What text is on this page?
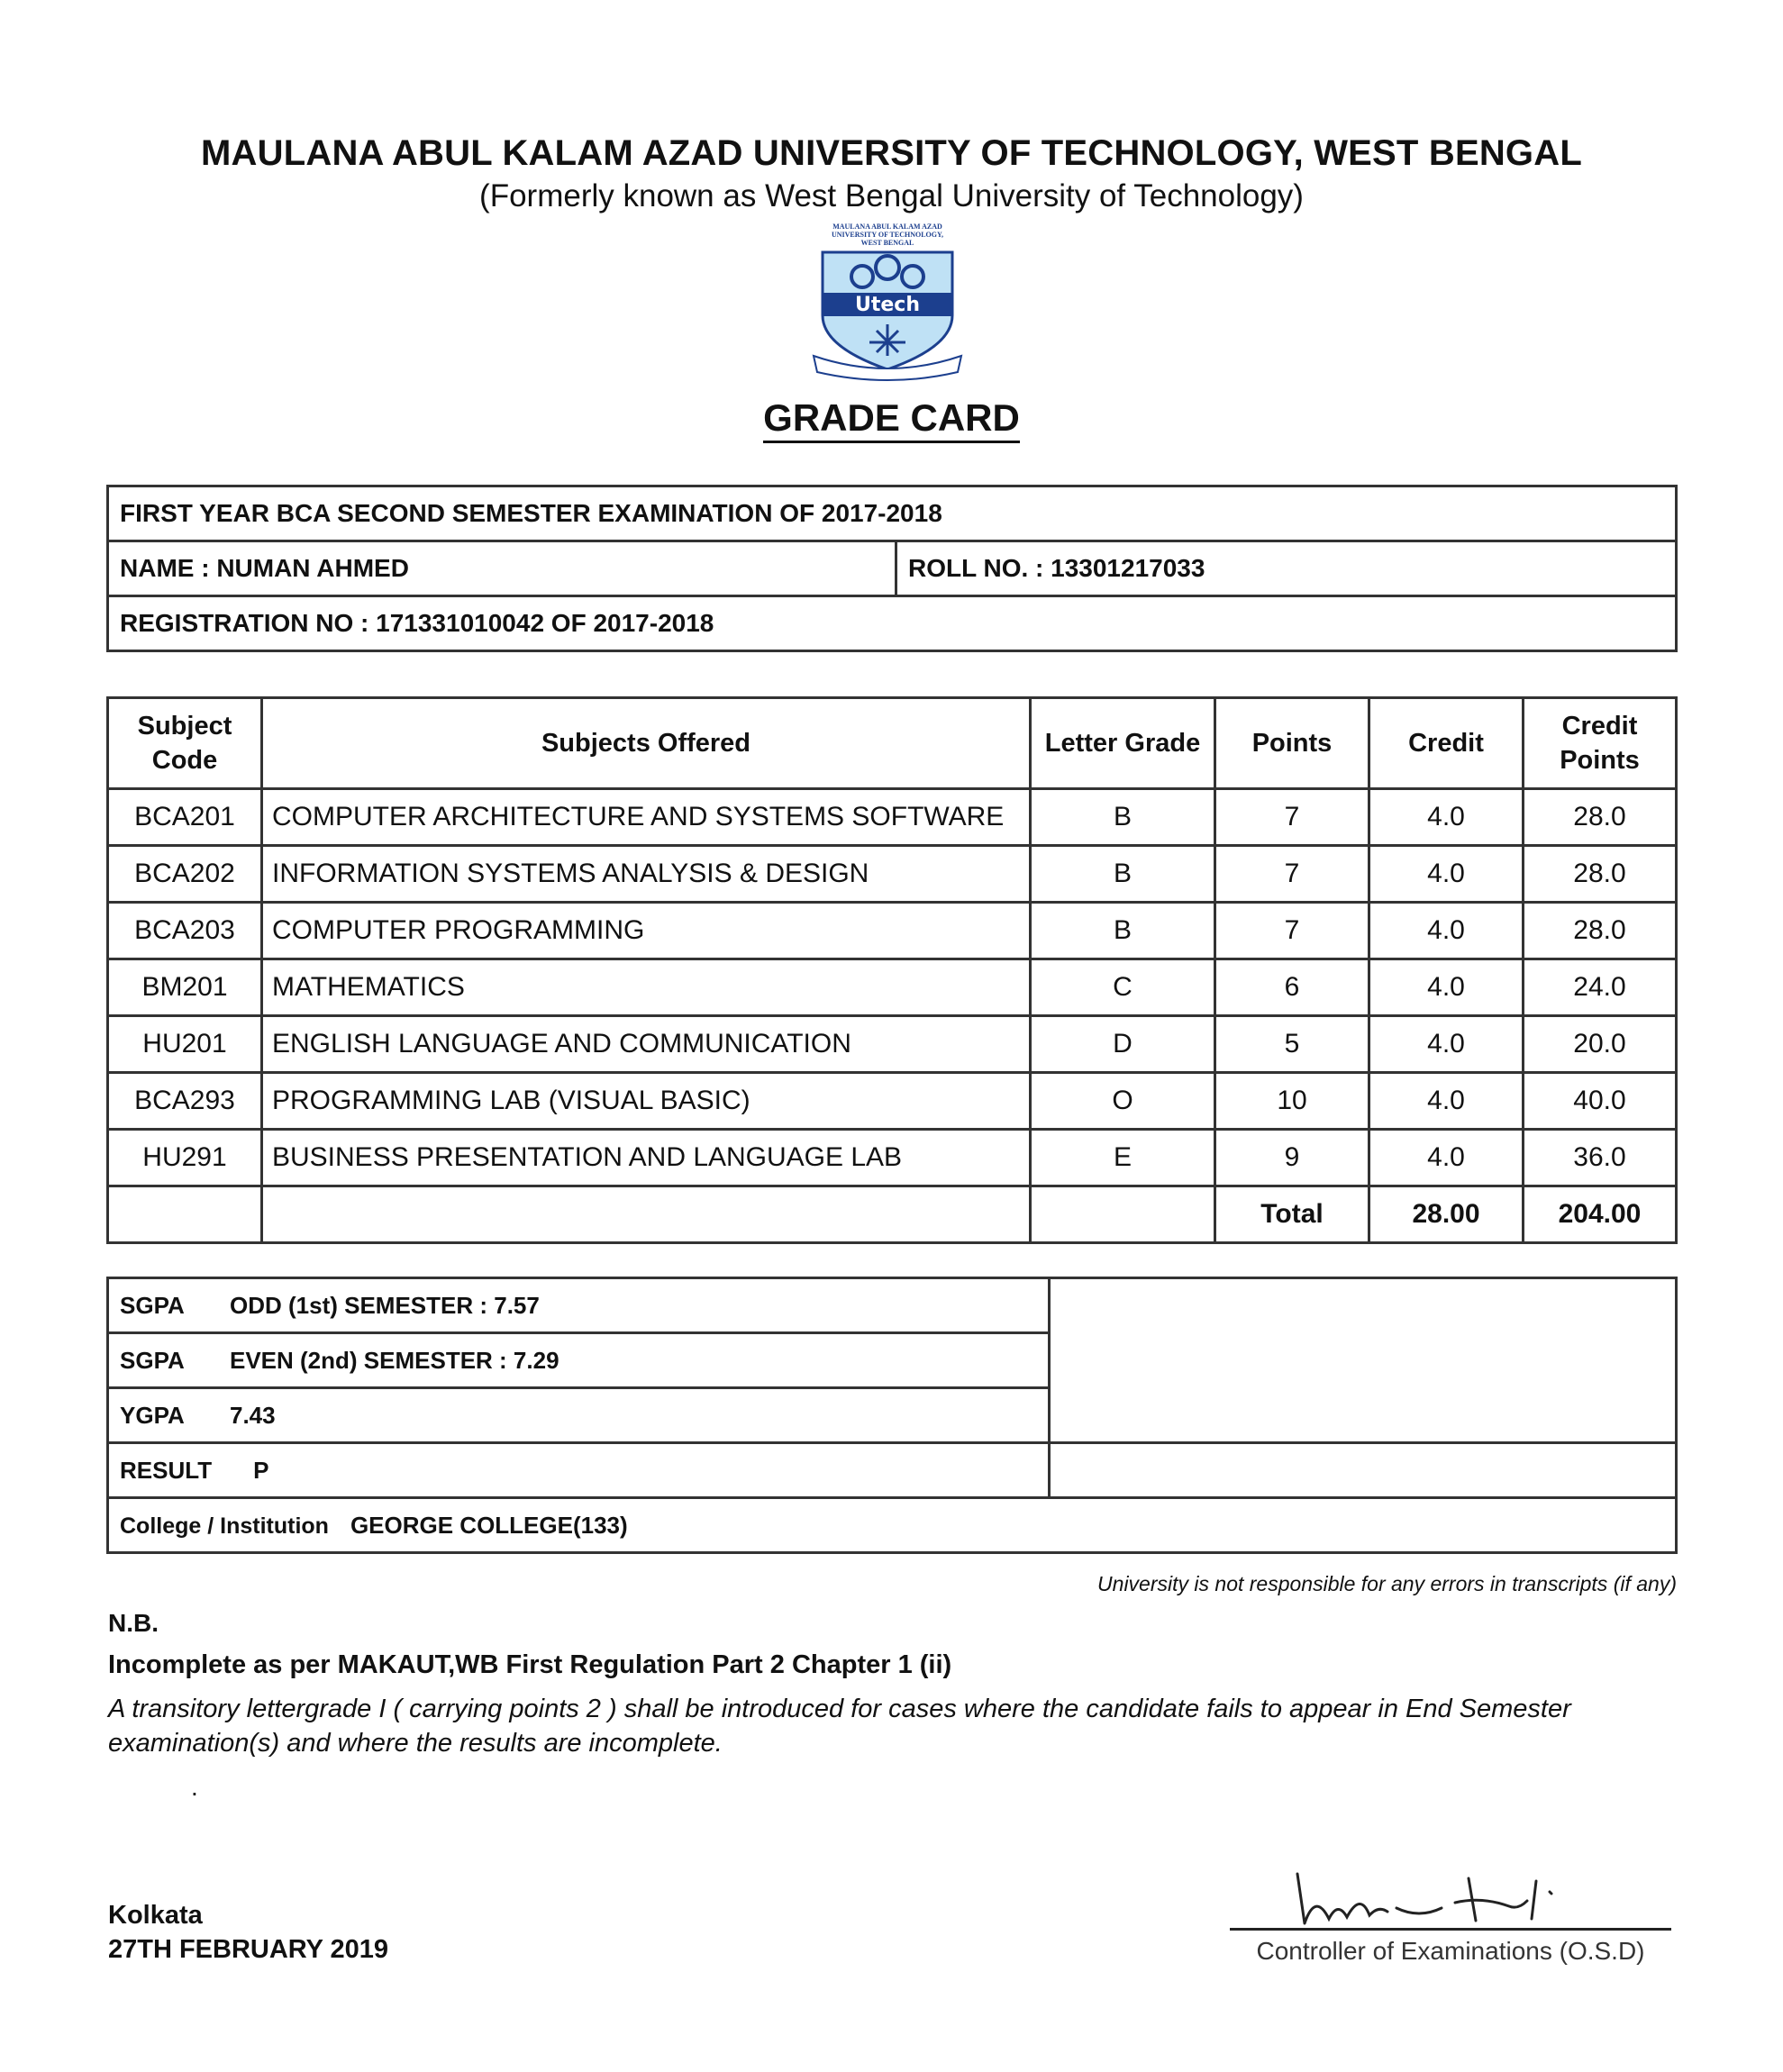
MAULANA ABUL KALAM AZAD UNIVERSITY OF TECHNOLOGY, WEST BENGAL
(Formerly known as West Bengal University of Technology)
MAULANA ABUL KALAM AZAD
UNIVERSITY OF TECHNOLOGY,
WEST BENGAL
Utech
GRADE CARD
FIRST YEAR BCA SECOND SEMESTER EXAMINATION OF 2017-2018
NAME : NUMAN AHMED	ROLL NO. : 13301217033
REGISTRATION NO : 171331010042 OF 2017-2018
Subject Code	Subjects Offered	Letter Grade	Points	Credit	Credit Points
BCA201	COMPUTER ARCHITECTURE AND SYSTEMS SOFTWARE	B	7	4.0	28.0
BCA202	INFORMATION SYSTEMS ANALYSIS & DESIGN	B	7	4.0	28.0
BCA203	COMPUTER PROGRAMMING	B	7	4.0	28.0
BM201	MATHEMATICS	C	6	4.0	24.0
HU201	ENGLISH LANGUAGE AND COMMUNICATION	D	5	4.0	20.0
BCA293	PROGRAMMING LAB (VISUAL BASIC)	O	10	4.0	40.0
HU291	BUSINESS PRESENTATION AND LANGUAGE LAB	E	9	4.0	36.0
			Total	28.00	204.00
SGPA ODD (1st) SEMESTER : 7.57	
SGPA EVEN (2nd) SEMESTER : 7.29	
YGPA 7.43	
RESULT P	
College / Institution GEORGE COLLEGE(133)	
University is not responsible for any errors in transcripts (if any)
N.B.
Incomplete as per MAKAUT,WB First Regulation Part 2 Chapter 1 (ii)
A transitory lettergrade I ( carrying points 2 ) shall be introduced for cases where the candidate fails to appear in End Semester examination(s) and where the results are incomplete.
.
Kolkata
27TH FEBRUARY 2019	Controller of Examinations (O.S.D)
